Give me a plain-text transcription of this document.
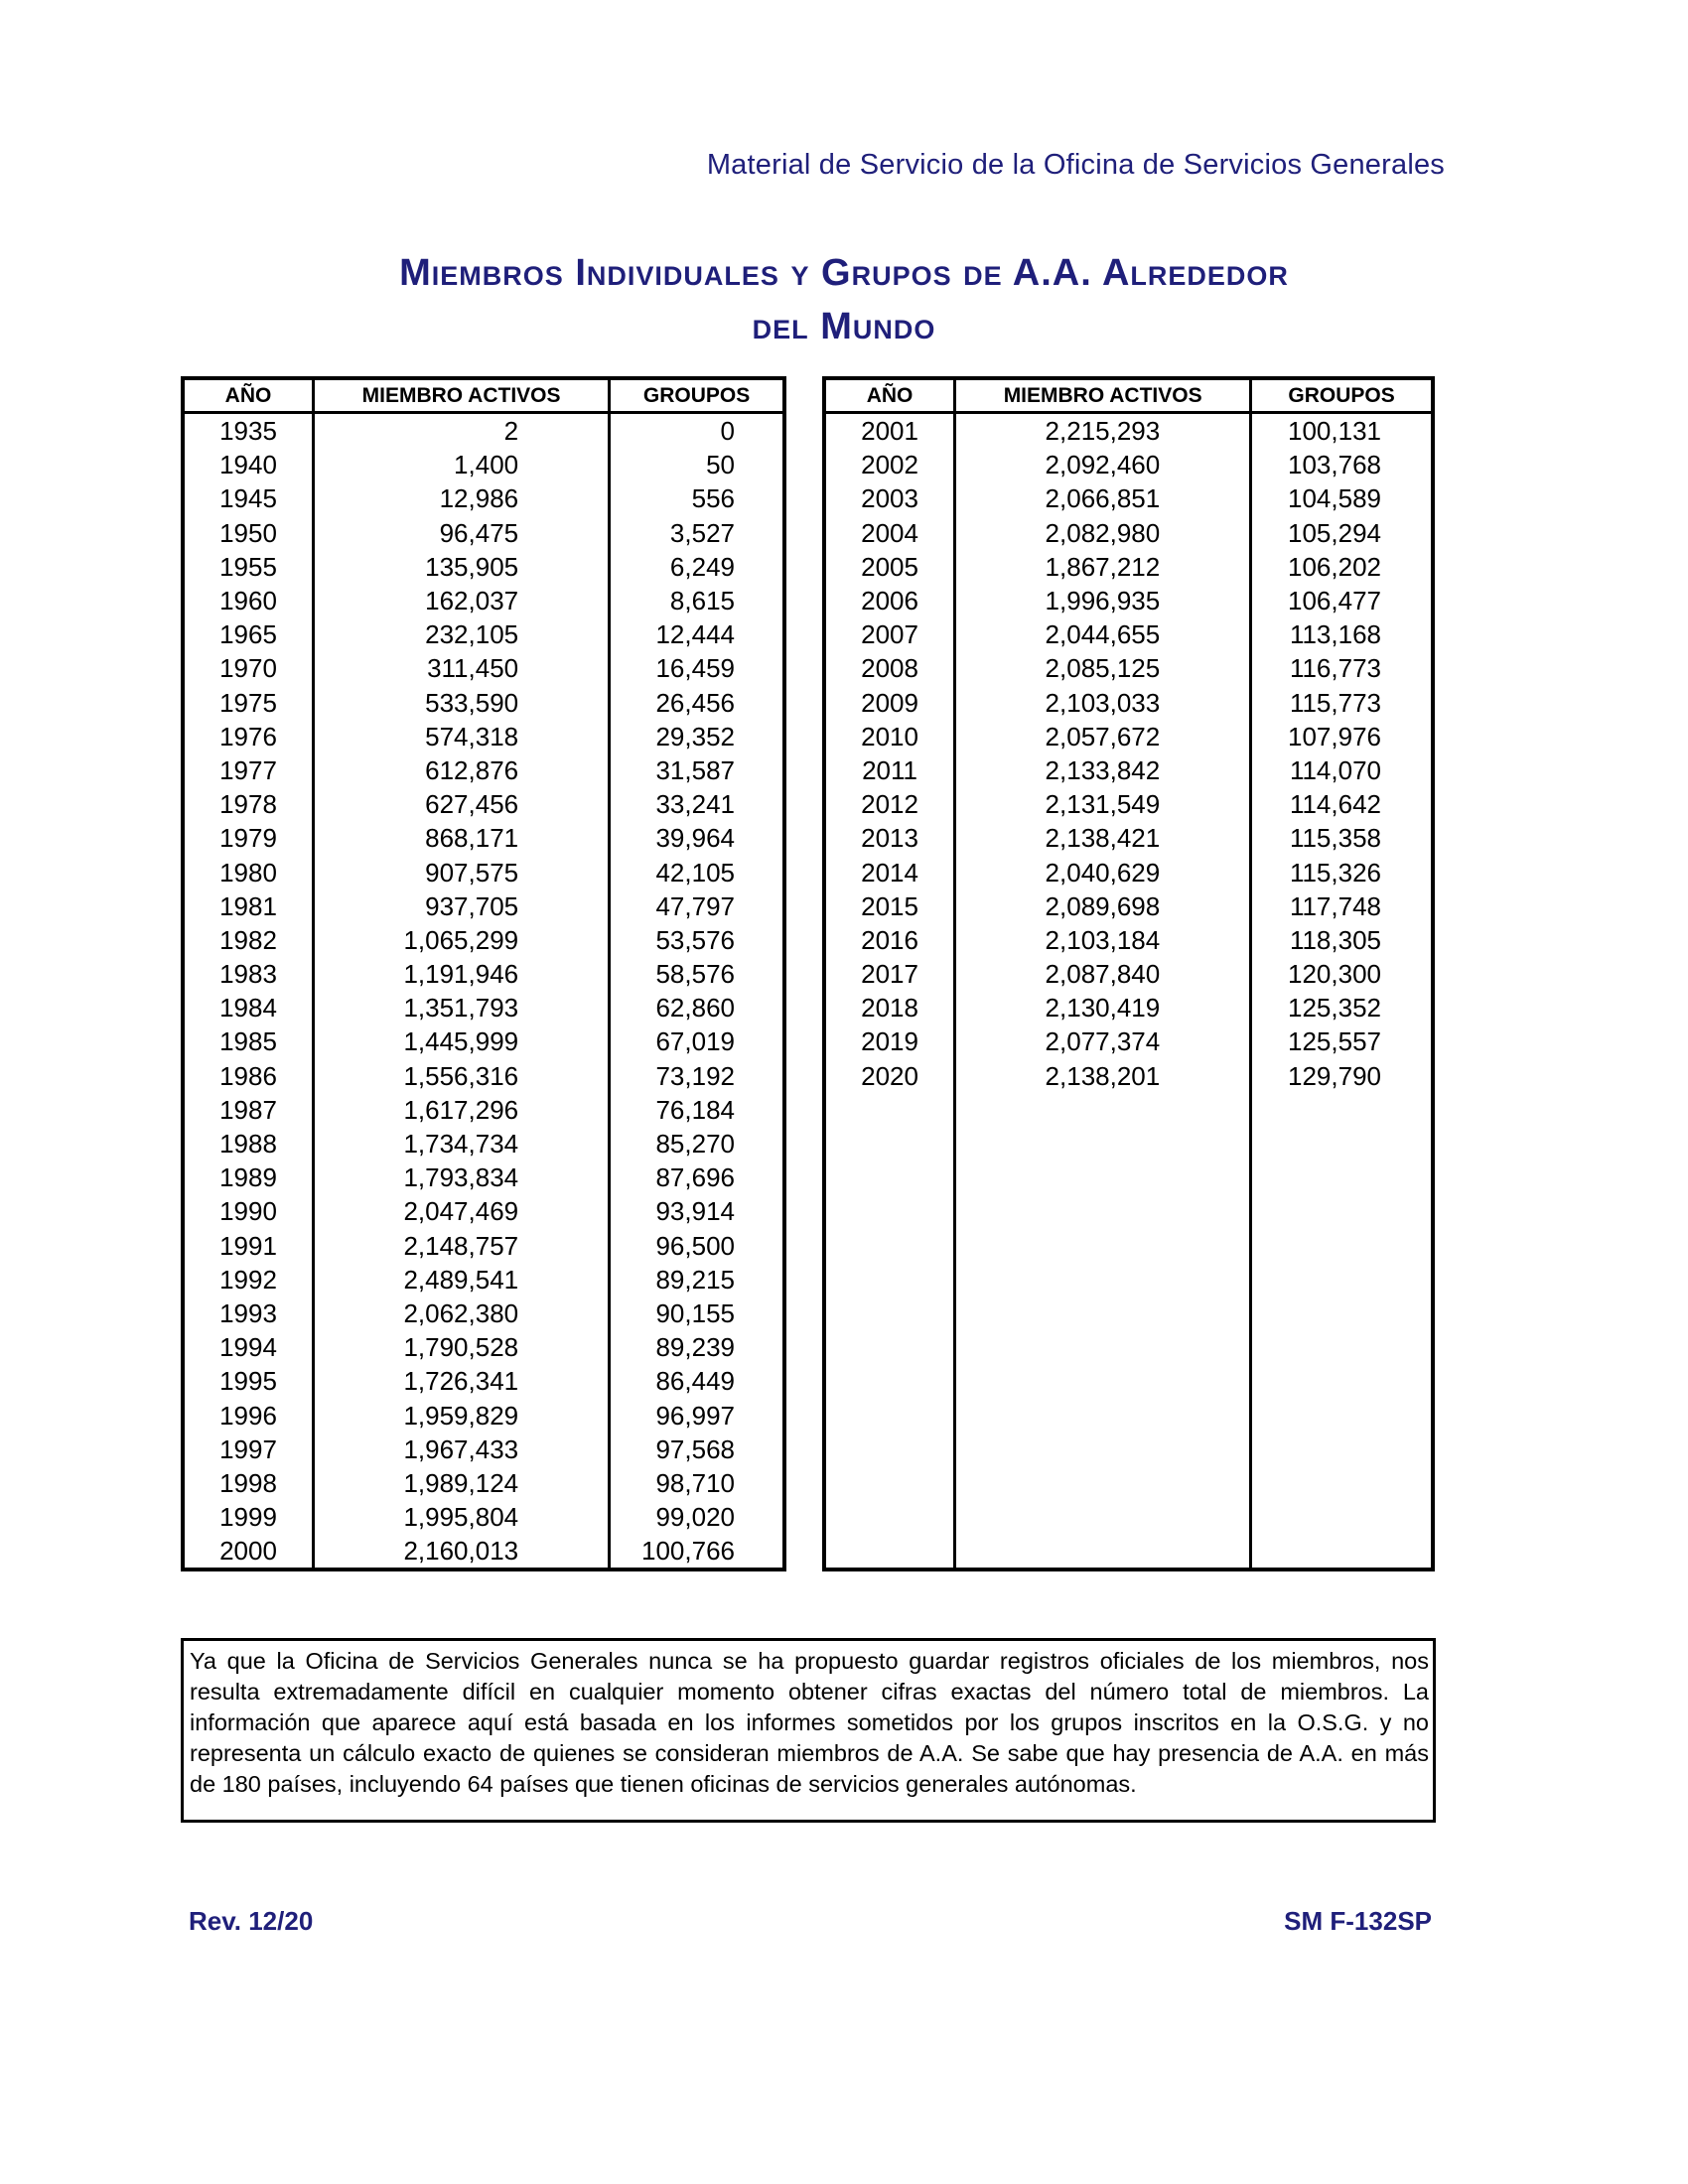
Material de Servicio de la Oficina de Servicios Generales
Miembros Individuales y Grupos de A.A. Alrededor
del Mundo
AÑO	MIEMBRO ACTIVOS	GROUPOS
1935	2	0
1940	1,400	50
1945	12,986	556
1950	96,475	3,527
1955	135,905	6,249
1960	162,037	8,615
1965	232,105	12,444
1970	311,450	16,459
1975	533,590	26,456
1976	574,318	29,352
1977	612,876	31,587
1978	627,456	33,241
1979	868,171	39,964
1980	907,575	42,105
1981	937,705	47,797
1982	1,065,299	53,576
1983	1,191,946	58,576
1984	1,351,793	62,860
1985	1,445,999	67,019
1986	1,556,316	73,192
1987	1,617,296	76,184
1988	1,734,734	85,270
1989	1,793,834	87,696
1990	2,047,469	93,914
1991	2,148,757	96,500
1992	2,489,541	89,215
1993	2,062,380	90,155
1994	1,790,528	89,239
1995	1,726,341	86,449
1996	1,959,829	96,997
1997	1,967,433	97,568
1998	1,989,124	98,710
1999	1,995,804	99,020
2000	2,160,013	100,766
AÑO	MIEMBRO ACTIVOS	GROUPOS
2001	2,215,293	100,131
2002	2,092,460	103,768
2003	2,066,851	104,589
2004	2,082,980	105,294
2005	1,867,212	106,202
2006	1,996,935	106,477
2007	2,044,655	113,168
2008	2,085,125	116,773
2009	2,103,033	115,773
2010	2,057,672	107,976
2011	2,133,842	114,070
2012	2,131,549	114,642
2013	2,138,421	115,358
2014	2,040,629	115,326
2015	2,089,698	117,748
2016	2,103,184	118,305
2017	2,087,840	120,300
2018	2,130,419	125,352
2019	2,077,374	125,557
2020	2,138,201	129,790

Ya que la Oficina de Servicios Generales nunca se ha propuesto guardar registros oficiales de los miembros, nos resulta extremadamente difícil en cualquier momento obtener cifras exactas del número total de miembros. La información que aparece aquí está basada en los informes sometidos por los grupos inscritos en la O.S.G. y no representa un cálculo exacto de quienes se consideran miembros de A.A. Se sabe que hay presencia de A.A. en más de 180 países, incluyendo 64 países que tienen oficinas de servicios generales autónomas.
Rev. 12/20	SM F-132SP
